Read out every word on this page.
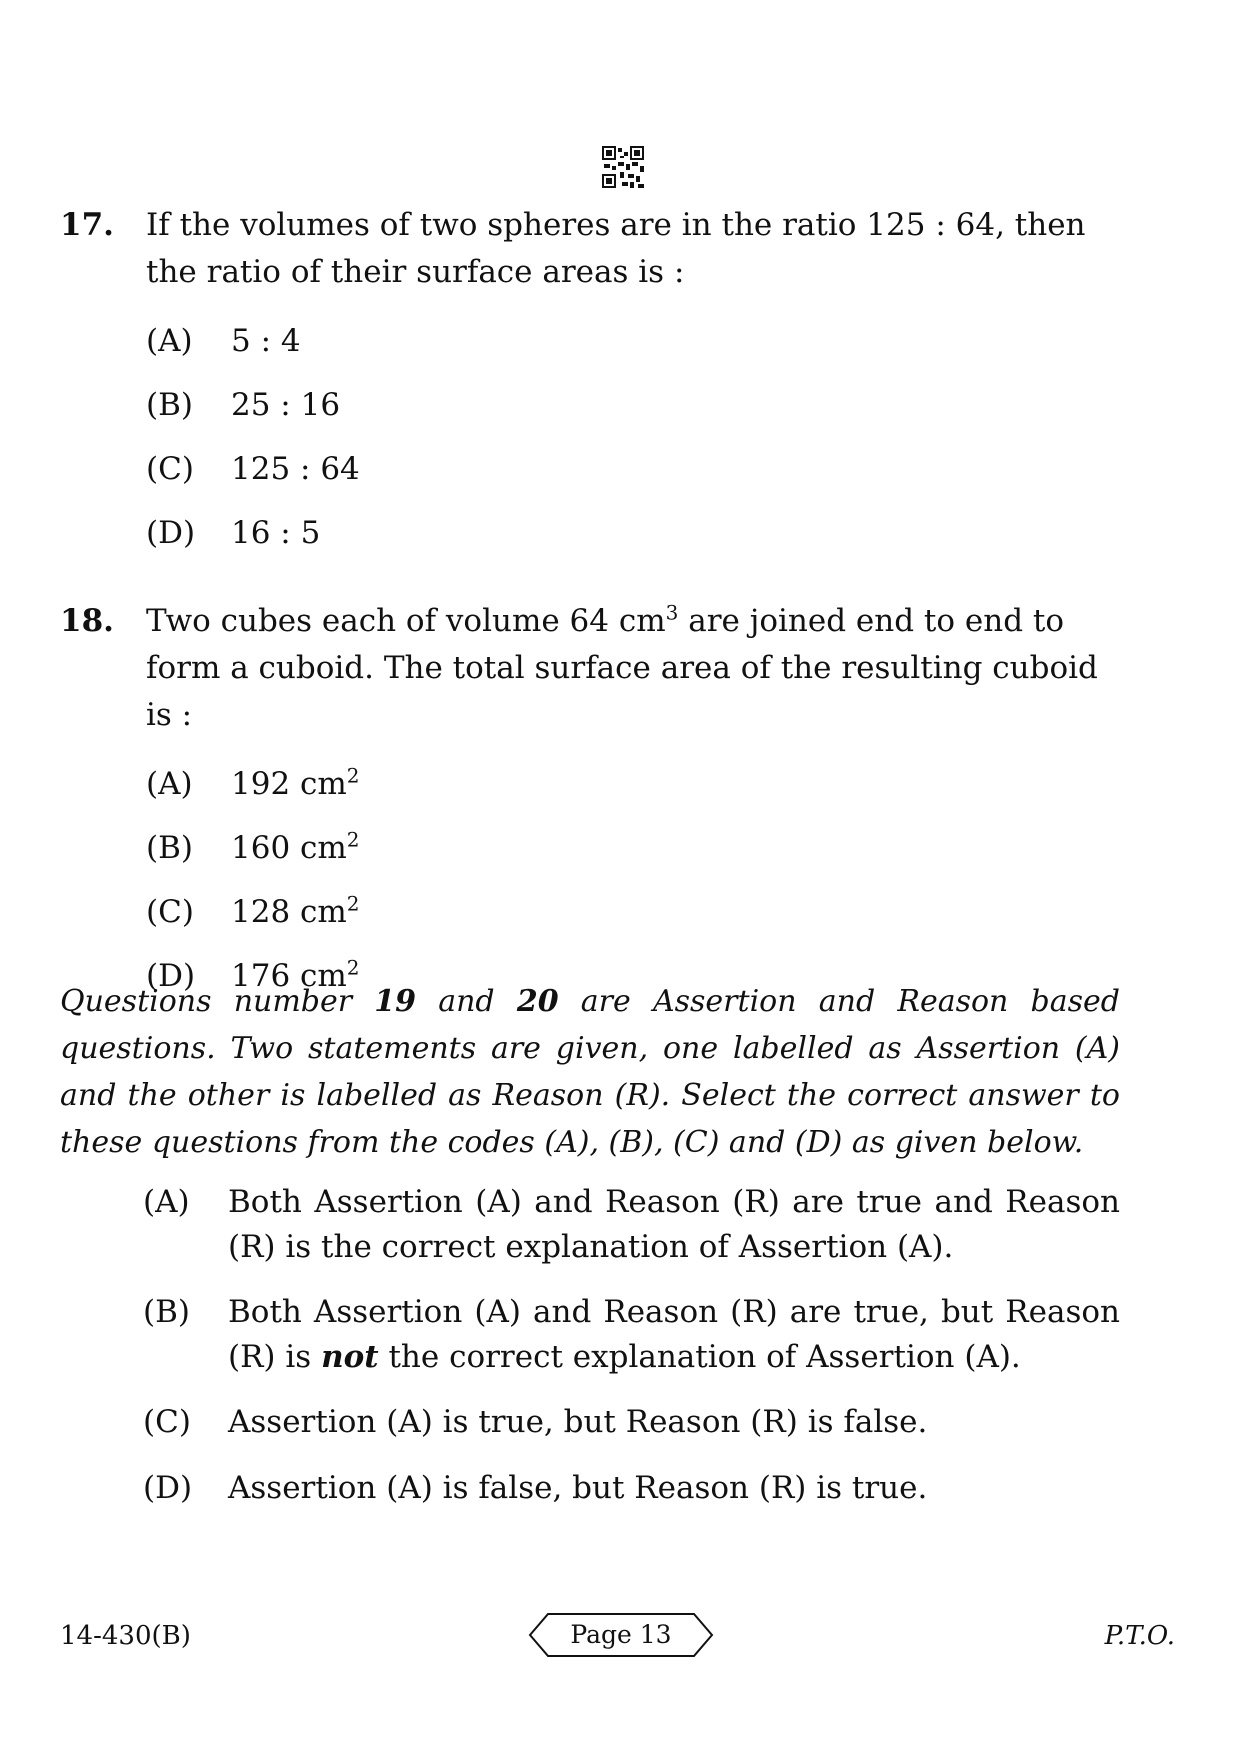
17. If the volumes of two spheres are in the ratio 125 : 64, then the ratio of their surface areas is :
(A) 5 : 4
(B) 25 : 16
(C) 125 : 64
(D) 16 : 5
18. Two cubes each of volume 64 $cm^3$ are joined end to end to form a cuboid. The total surface area of the resulting cuboid is :
(A) 192 $cm^2$
(B) 160 $cm^2$
(C) 128 $cm^2$
(D) 176 $cm^2$
Questions number 19 and 20 are Assertion and Reason based questions. Two statements are given, one labelled as Assertion (A) and the other is labelled as Reason (R). Select the correct answer to these questions from the codes (A), (B), (C) and (D) as given below.
(A) Both Assertion (A) and Reason (R) are true and Reason (R) is the correct explanation of Assertion (A).
(B) Both Assertion (A) and Reason (R) are true, but Reason (R) is not the correct explanation of Assertion (A).
(C) Assertion (A) is true, but Reason (R) is false.
(D) Assertion (A) is false, but Reason (R) is true.
14-430(B)	Page 13	P.T.O.
